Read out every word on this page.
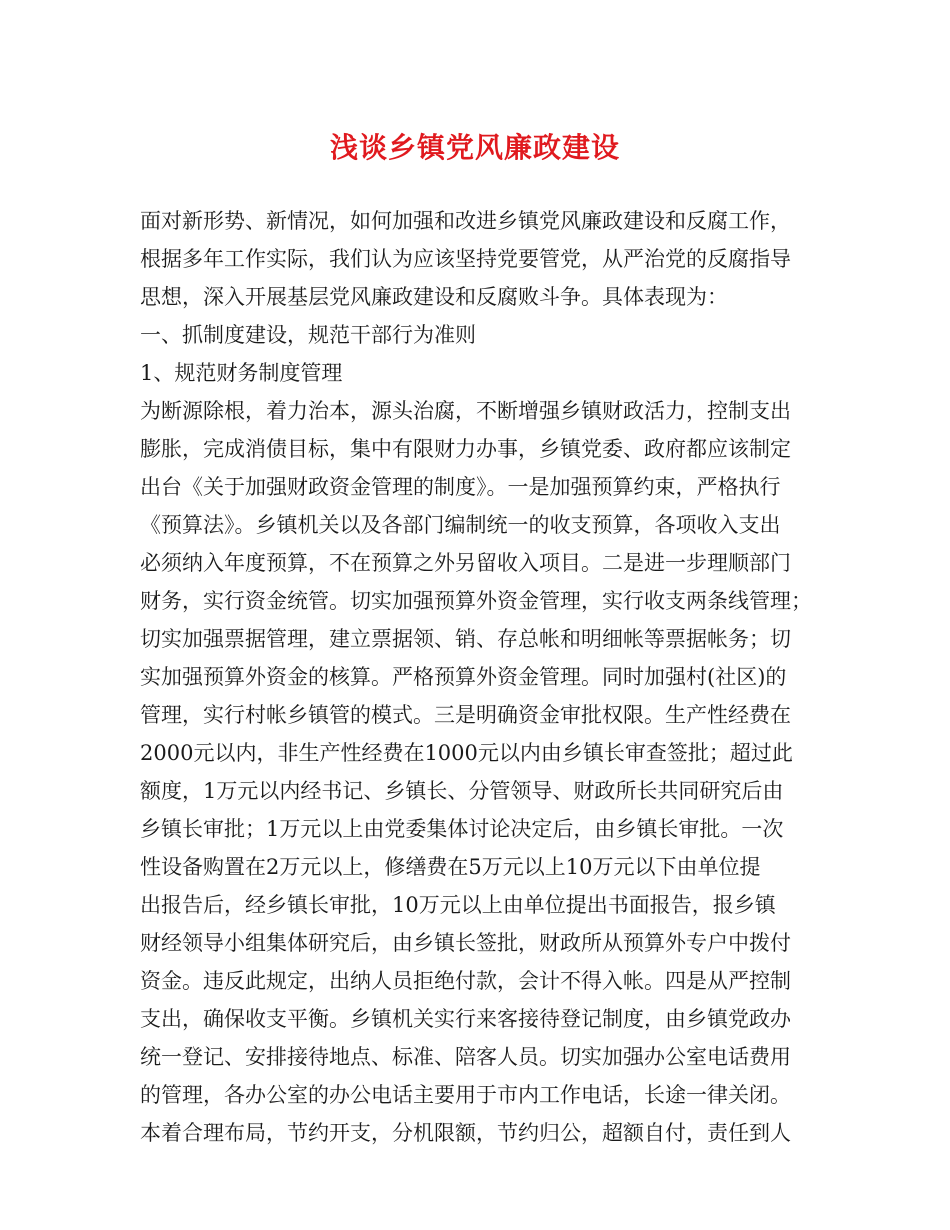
浅谈乡镇党风廉政建设
面对新形势、新情况，如何加强和改进乡镇党风廉政建设和反腐工作，
根据多年工作实际，我们认为应该坚持党要管党，从严治党的反腐指导
思想，深入开展基层党风廉政建设和反腐败斗争。具体表现为：
一、抓制度建设，规范干部行为准则
1、规范财务制度管理
为断源除根，着力治本，源头治腐，不断增强乡镇财政活力，控制支出
膨胀，完成消债目标，集中有限财力办事，乡镇党委、政府都应该制定
出台《关于加强财政资金管理的制度》。一是加强预算约束，严格执行
《预算法》。乡镇机关以及各部门编制统一的收支预算，各项收入支出
必须纳入年度预算，不在预算之外另留收入项目。二是进一步理顺部门
财务，实行资金统管。切实加强预算外资金管理，实行收支两条线管理；
切实加强票据管理，建立票据领、销、存总帐和明细帐等票据帐务；切
实加强预算外资金的核算。严格预算外资金管理。同时加强村(社区)的
管理，实行村帐乡镇管的模式。三是明确资金审批权限。生产性经费在
2000元以内，非生产性经费在1000元以内由乡镇长审查签批；超过此
额度，1万元以内经书记、乡镇长、分管领导、财政所长共同研究后由
乡镇长审批；1万元以上由党委集体讨论决定后，由乡镇长审批。一次
性设备购置在2万元以上，修缮费在5万元以上10万元以下由单位提
出报告后，经乡镇长审批，10万元以上由单位提出书面报告，报乡镇
财经领导小组集体研究后，由乡镇长签批，财政所从预算外专户中拨付
资金。违反此规定，出纳人员拒绝付款，会计不得入帐。四是从严控制
支出，确保收支平衡。乡镇机关实行来客接待登记制度，由乡镇党政办
统一登记、安排接待地点、标准、陪客人员。切实加强办公室电话费用
的管理，各办公室的办公电话主要用于市内工作电话，长途一律关闭。
本着合理布局，节约开支，分机限额，节约归公，超额自付，责任到人
